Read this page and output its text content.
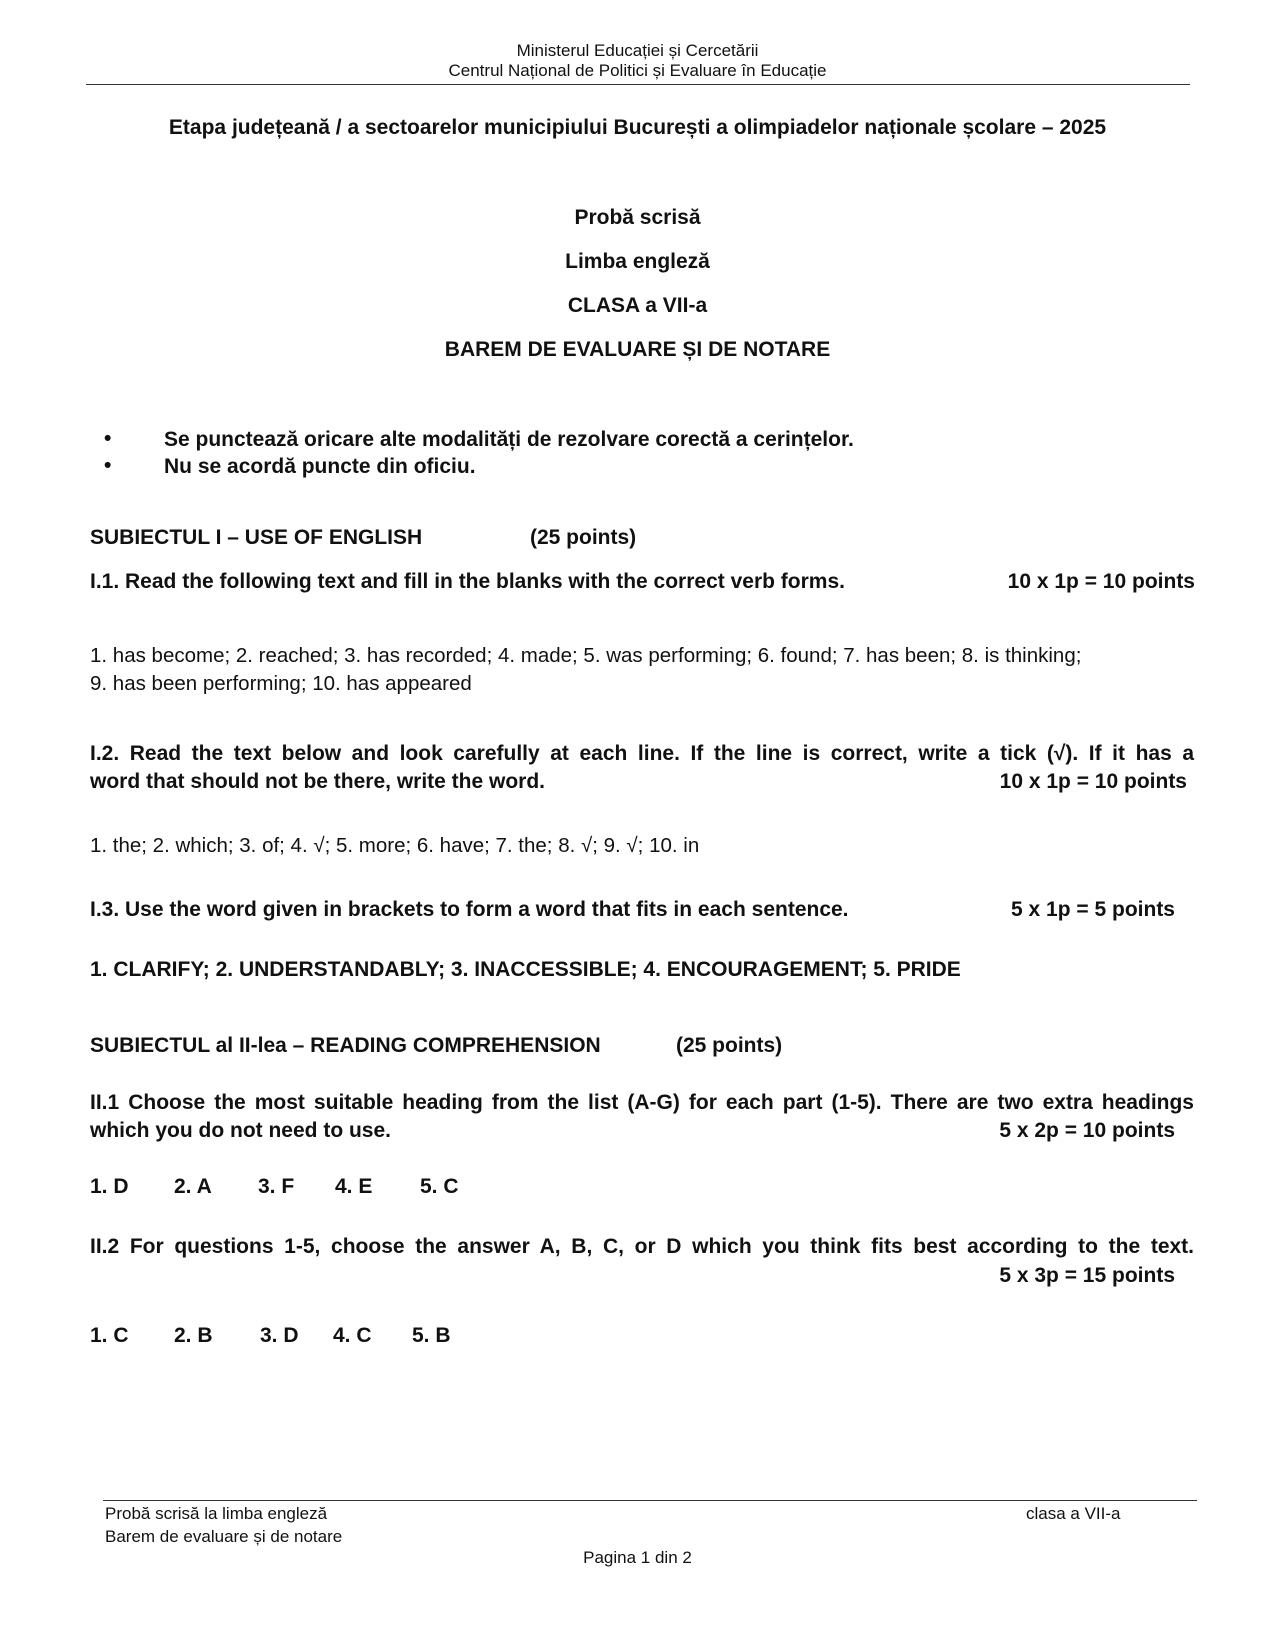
Ministerul Educației și Cercetării
Centrul Național de Politici și Evaluare în Educație
Etapa județeană / a sectoarelor municipiului București a olimpiadelor naționale școlare – 2025
Probă scrisă
Limba engleză
CLASA a VII-a
BAREM DE EVALUARE ȘI DE NOTARE
•	Se punctează oricare alte modalități de rezolvare corectă a cerințelor.
•	Nu se acordă puncte din oficiu.
SUBIECTUL I – USE OF ENGLISH	(25 points)
I.1. Read the following text and fill in the blanks with the correct verb forms.	10 x 1p = 10 points
1. has become; 2. reached; 3. has recorded; 4. made; 5. was performing; 6. found; 7. has been; 8. is thinking;
9. has been performing; 10. has appeared
I.2. Read the text below and look carefully at each line. If the line is correct, write a tick (√). If it has a
word that should not be there, write the word.	10 x 1p = 10 points
1. the; 2. which; 3. of; 4. √; 5. more; 6. have; 7. the; 8. √; 9. √; 10. in
I.3. Use the word given in brackets to form a word that fits in each sentence.	5 x 1p = 5 points
1. CLARIFY; 2. UNDERSTANDABLY; 3. INACCESSIBLE; 4. ENCOURAGEMENT; 5. PRIDE
SUBIECTUL al II-lea – READING COMPREHENSION	(25 points)
II.1 Choose the most suitable heading from the list (A-G) for each part (1-5). There are two extra headings
which you do not need to use.	5 x 2p = 10 points
1. D 2. A 3. F 4. E 5. C
II.2 For questions 1-5, choose the answer A, B, C, or D which you think fits best according to the text.
5 x 3p = 15 points
1. C 2. B 3. D 4. C 5. B
Probă scrisă la limba engleză
Barem de evaluare și de notare
clasa a VII-a
Pagina 1 din 2
